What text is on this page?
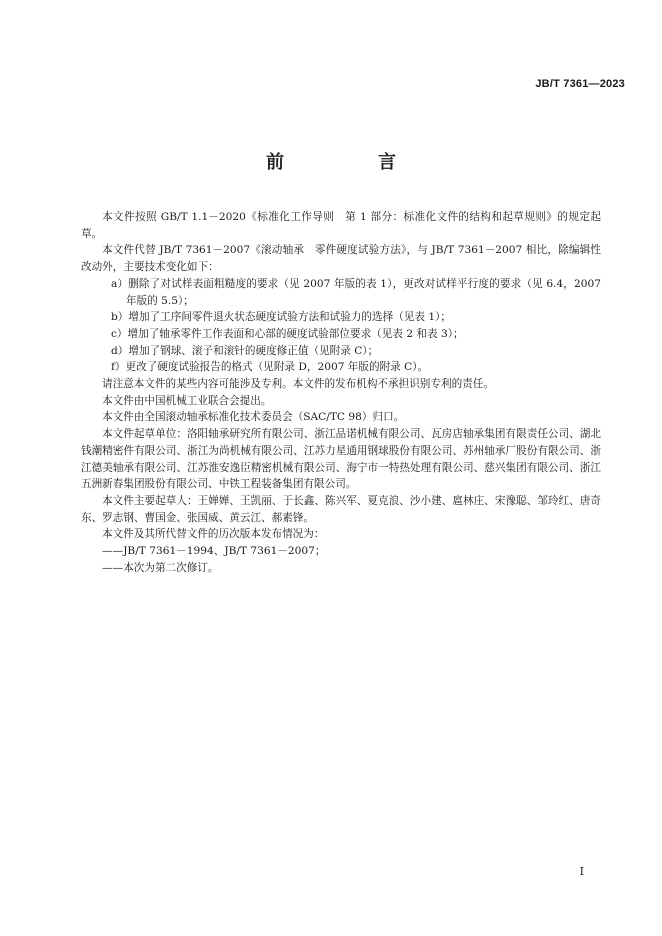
JB/T 7361—2023
前　言

本文件按照 GB/T 1.1－2020《标准化工作导则　第 1 部分：标准化文件的结构和起草规则》的规定起草。

本文件代替 JB/T 7361－2007《滚动轴承　零件硬度试验方法》，与 JB/T 7361－2007 相比，除编辑性改动外，主要技术变化如下：

a）删除了对试样表面粗糙度的要求（见 2007 年版的表 1），更改对试样平行度的要求（见 6.4，2007 年版的 5.5）；

b）增加了工序间零件退火状态硬度试验方法和试验力的选择（见表 1）；

c）增加了轴承零件工作表面和心部的硬度试验部位要求（见表 2 和表 3）；

d）增加了钢球、滚子和滚针的硬度修正值（见附录 C）；

f）更改了硬度试验报告的格式（见附录 D，2007 年版的附录 C）。

请注意本文件的某些内容可能涉及专利。本文件的发布机构不承担识别专利的责任。

本文件由中国机械工业联合会提出。

本文件由全国滚动轴承标准化技术委员会（SAC/TC 98）归口。

本文件起草单位：洛阳轴承研究所有限公司、浙江品诺机械有限公司、瓦房店轴承集团有限责任公司、湖北钱潮精密件有限公司、浙江为尚机械有限公司、江苏力星通用钢球股份有限公司、苏州轴承厂股份有限公司、浙江德美轴承有限公司、江苏淮安逸臣精密机械有限公司、海宁市一特热处理有限公司、慈兴集团有限公司、浙江五洲新春集团股份有限公司、中铁工程装备集团有限公司。

本文件主要起草人：王婵婵、王凯丽、于长鑫、陈兴军、夏克浪、沙小建、扈林庄、宋豫聪、邹玲红、唐奇东、罗志钢、曹国金、张国威、黄云江、郝素锋。

本文件及其所代替文件的历次版本发布情况为：

——JB/T 7361－1994、JB/T 7361－2007；

——本次为第二次修订。

I
